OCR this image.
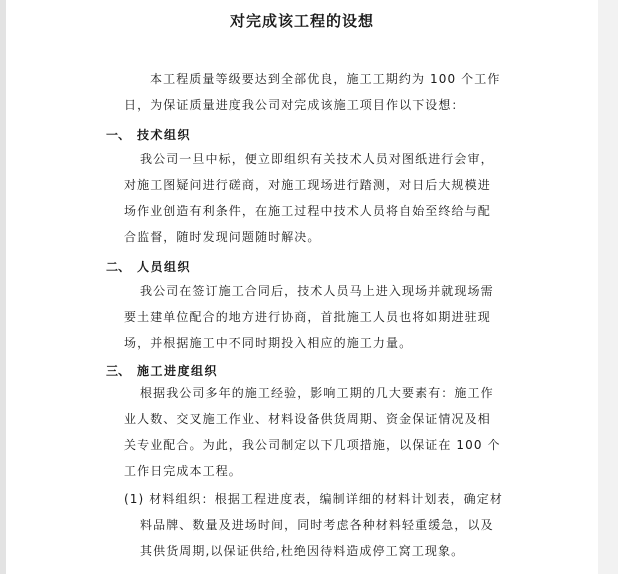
对完成该工程的设想
本工程质量等级要达到全部优良，施工工期约为 100 个工作
日，为保证质量进度我公司对完成该施工项目作以下设想：
一、 技术组织
我公司一旦中标，便立即组织有关技术人员对图纸进行会审，
对施工图疑问进行磋商，对施工现场进行踏测，对日后大规模进
场作业创造有利条件，在施工过程中技术人员将自始至终给与配
合监督，随时发现问题随时解决。
二、 人员组织
我公司在签订施工合同后，技术人员马上进入现场并就现场需
要土建单位配合的地方进行协商，首批施工人员也将如期进驻现
场，并根据施工中不同时期投入相应的施工力量。
三、 施工进度组织
根据我公司多年的施工经验，影响工期的几大要素有：施工作
业人数、交叉施工作业、材料设备供货周期、资金保证情况及相
关专业配合。为此，我公司制定以下几项措施，以保证在 100 个
工作日完成本工程。
(1) 材料组织：根据工程进度表，编制详细的材料计划表，确定材
料品牌、数量及进场时间，同时考虑各种材料轻重缓急，以及
其供货周期,以保证供给,杜绝因待料造成停工窝工现象。
